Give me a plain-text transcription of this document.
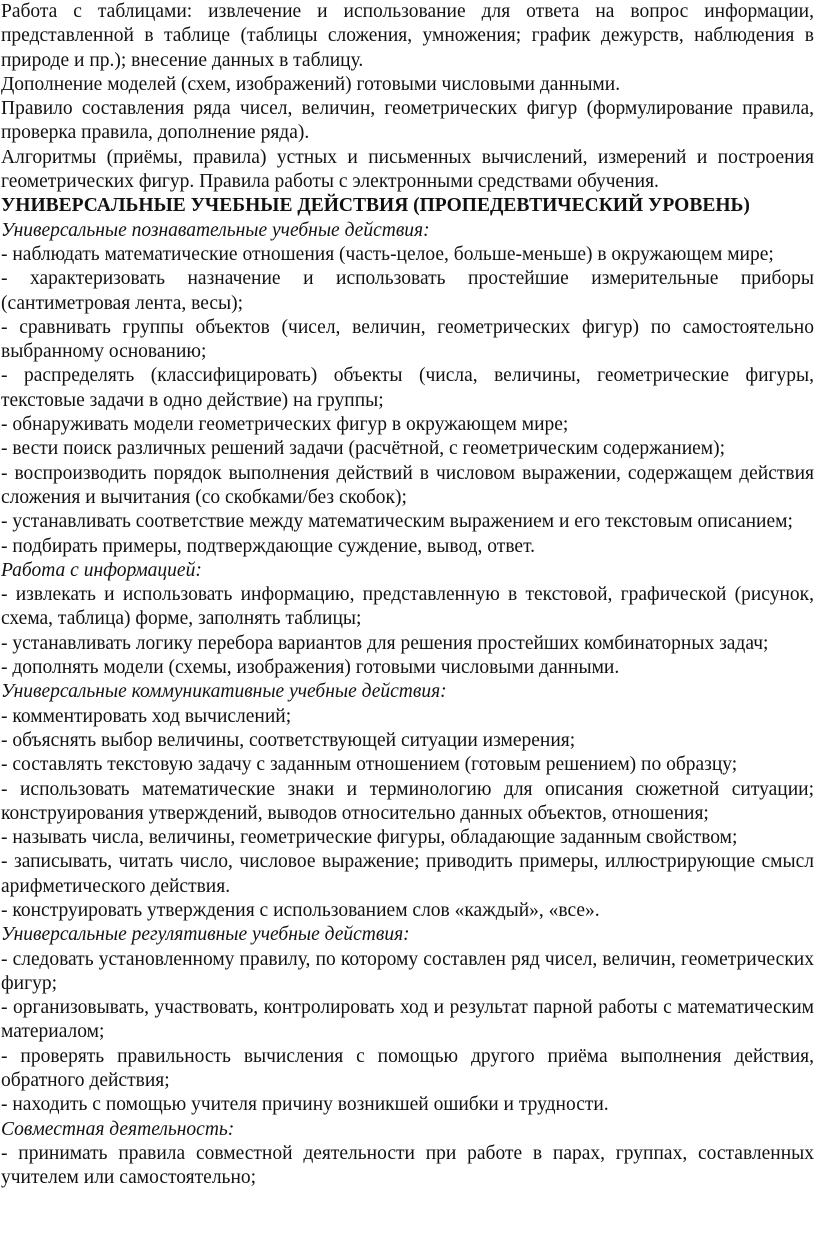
Работа с таблицами: извлечение и использование для ответа на вопрос информации, представленной в таблице (таблицы сложения, умножения; график дежурств, наблюдения в природе и пр.); внесение данных в таблицу.

Дополнение моделей (схем, изображений) готовыми числовыми данными.

Правило составления ряда чисел, величин, геометрических фигур (формулирование правила, проверка правила, дополнение ряда).

Алгоритмы (приёмы, правила) устных и письменных вычислений, измерений и построения геометрических фигур. Правила работы с электронными средствами обучения.

УНИВЕРСАЛЬНЫЕ УЧЕБНЫЕ ДЕЙСТВИЯ (ПРОПЕДЕВТИЧЕСКИЙ УРОВЕНЬ)

Универсальные познавательные учебные действия:

- наблюдать математические отношения (часть-целое, больше-меньше) в окружающем мире;

- характеризовать назначение и использовать простейшие измерительные приборы (сантиметровая лента, весы);

- сравнивать группы объектов (чисел, величин, геометрических фигур) по самостоятельно выбранному основанию;

- распределять (классифицировать) объекты (числа, величины, геометрические фигуры, текстовые задачи в одно действие) на группы;

- обнаруживать модели геометрических фигур в окружающем мире;

- вести поиск различных решений задачи (расчётной, с геометрическим содержанием);

- воспроизводить порядок выполнения действий в числовом выражении, содержащем действия сложения и вычитания (со скобками/без скобок);

- устанавливать соответствие между математическим выражением и его текстовым описанием;

- подбирать примеры, подтверждающие суждение, вывод, ответ.

Работа с информацией:

- извлекать и использовать информацию, представленную в текстовой, графической (рисунок, схема, таблица) форме, заполнять таблицы;

- устанавливать логику перебора вариантов для решения простейших комбинаторных задач;

- дополнять модели (схемы, изображения) готовыми числовыми данными.

Универсальные коммуникативные учебные действия:

- комментировать ход вычислений;

- объяснять выбор величины, соответствующей ситуации измерения;

- составлять текстовую задачу с заданным отношением (готовым решением) по образцу;

- использовать математические знаки и терминологию для описания сюжетной ситуации; конструирования утверждений, выводов относительно данных объектов, отношения;

- называть числа, величины, геометрические фигуры, обладающие заданным свойством;

- записывать, читать число, числовое выражение; приводить примеры, иллюстрирующие смысл арифметического действия.

- конструировать утверждения с использованием слов «каждый», «все».

Универсальные регулятивные учебные действия:

- следовать установленному правилу, по которому составлен ряд чисел, величин, геометрических фигур;

- организовывать, участвовать, контролировать ход и результат парной работы с математическим материалом;

- проверять правильность вычисления с помощью другого приёма выполнения действия, обратного действия;

- находить с помощью учителя причину возникшей ошибки и трудности.

Совместная деятельность:

- принимать правила совместной деятельности при работе в парах, группах, составленных учителем или самостоятельно;
